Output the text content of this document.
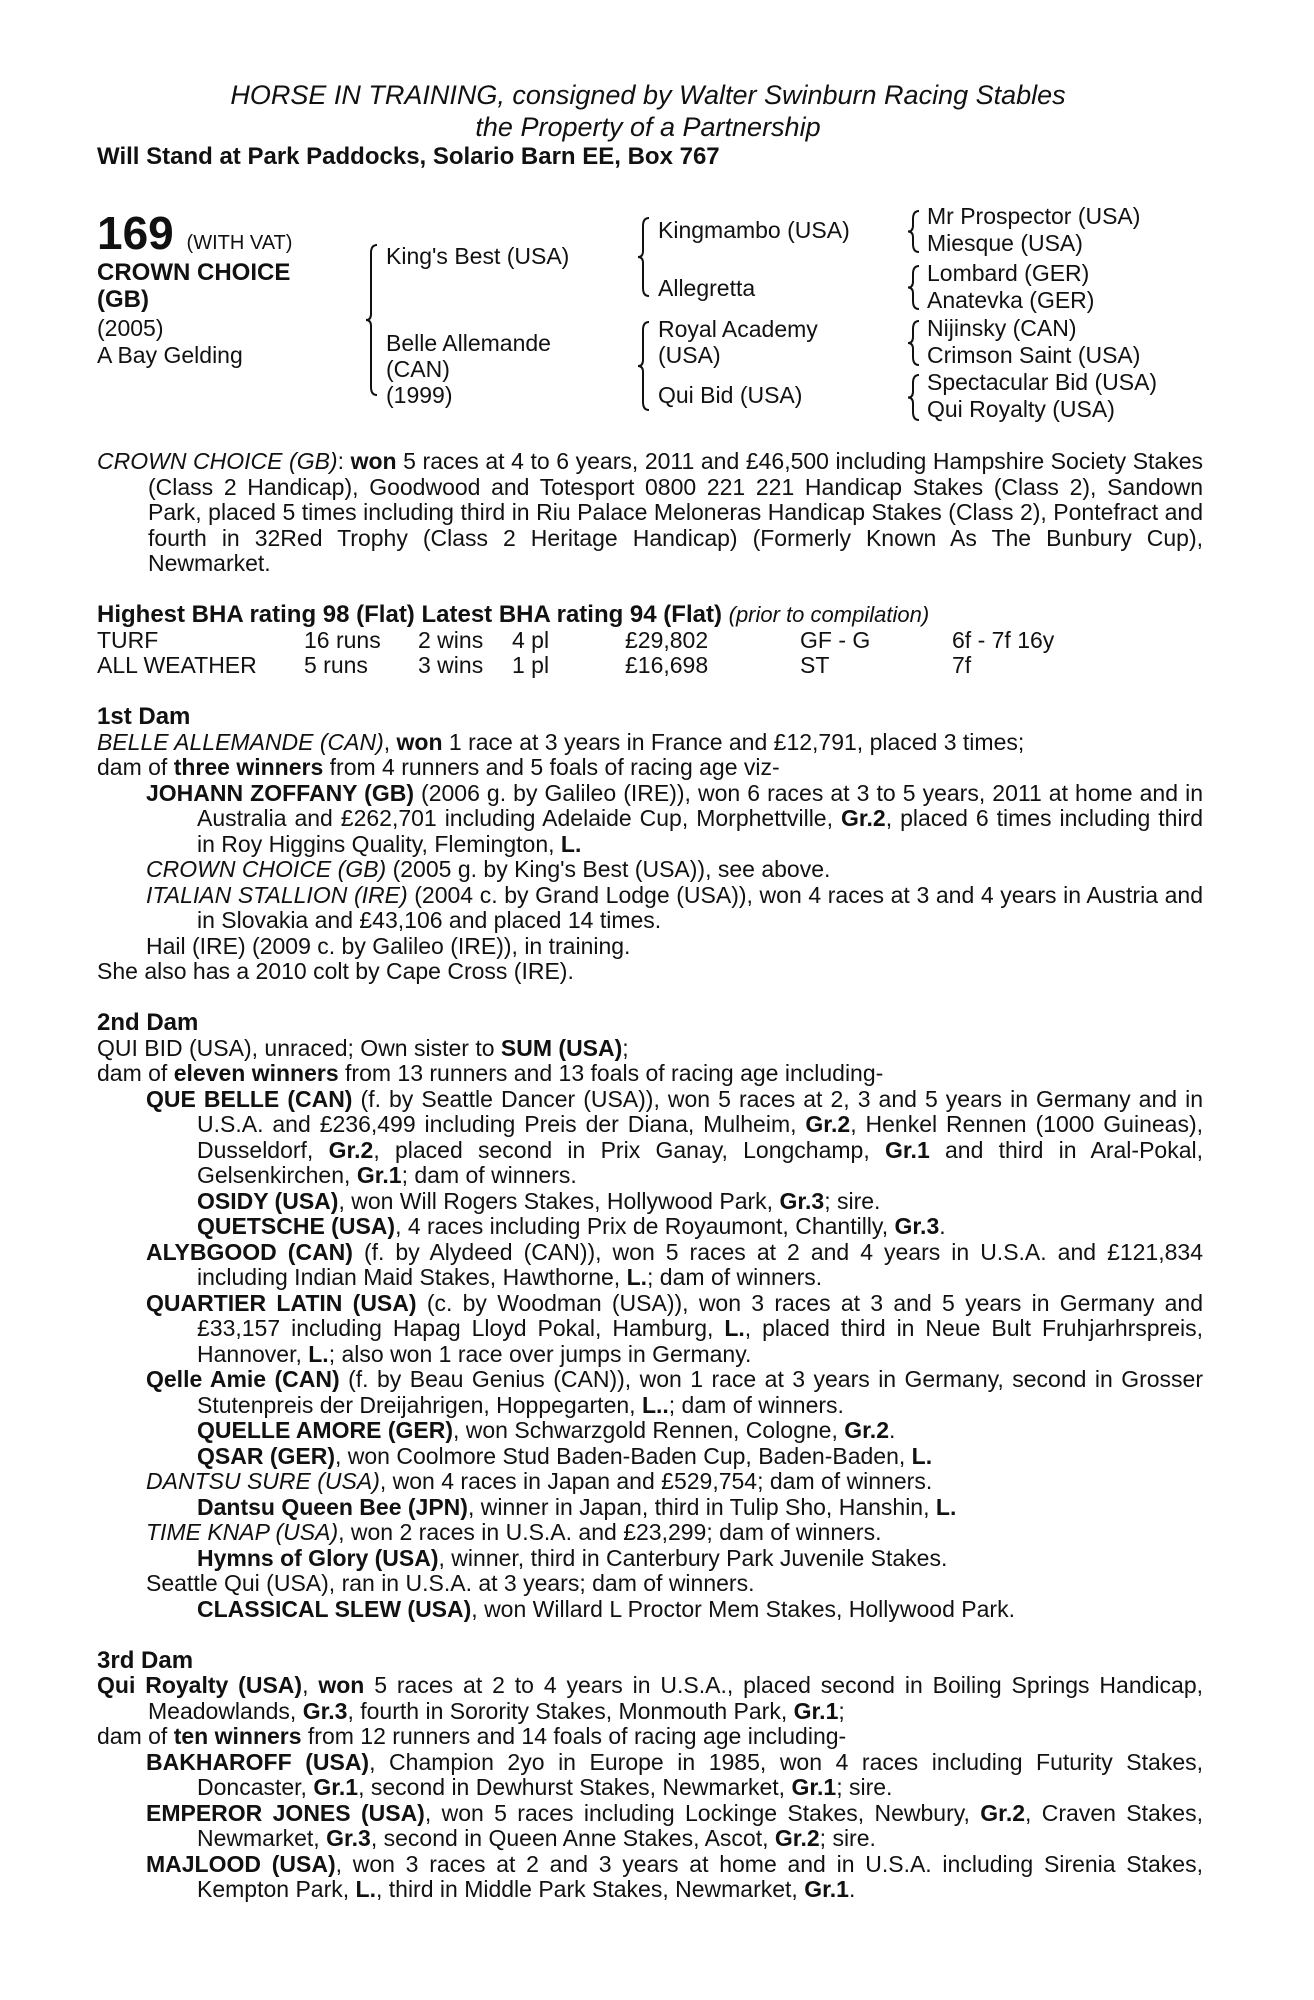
HORSE IN TRAINING, consigned by Walter Swinburn Racing Stables
the Property of a Partnership
Will Stand at Park Paddocks, Solario Barn EE, Box 767
169 (WITH VAT)
CROWN CHOICE
(GB)
(2005)
A Bay Gelding
King's Best (USA)
Belle Allemande
(CAN)
(1999)
Kingmambo (USA)
Allegretta
Royal Academy
(USA)
Qui Bid (USA)
Mr Prospector (USA)
Miesque (USA)
Lombard (GER)
Anatevka (GER)
Nijinsky (CAN)
Crimson Saint (USA)
Spectacular Bid (USA)
Qui Royalty (USA)
CROWN CHOICE (GB): won 5 races at 4 to 6 years, 2011 and £46,500 including Hampshire Society Stakes (Class 2 Handicap), Goodwood and Totesport 0800 221 221 Handicap Stakes (Class 2), Sandown Park, placed 5 times including third in Riu Palace Meloneras Handicap Stakes (Class 2), Pontefract and fourth in 32Red Trophy (Class 2 Heritage Handicap) (Formerly Known As The Bunbury Cup), Newmarket.
Highest BHA rating 98 (Flat) Latest BHA rating 94 (Flat) (prior to compilation)
TURF	16 runs	2 wins	4 pl	£29,802	GF - G	6f - 7f 16y
ALL WEATHER	5 runs	3 wins	1 pl	£16,698	ST	7f
1st Dam
BELLE ALLEMANDE (CAN), won 1 race at 3 years in France and £12,791, placed 3 times;
dam of three winners from 4 runners and 5 foals of racing age viz-
JOHANN ZOFFANY (GB) (2006 g. by Galileo (IRE)), won 6 races at 3 to 5 years, 2011 at home and in Australia and £262,701 including Adelaide Cup, Morphettville, Gr.2, placed 6 times including third in Roy Higgins Quality, Flemington, L.
CROWN CHOICE (GB) (2005 g. by King's Best (USA)), see above.
ITALIAN STALLION (IRE) (2004 c. by Grand Lodge (USA)), won 4 races at 3 and 4 years in Austria and in Slovakia and £43,106 and placed 14 times.
Hail (IRE) (2009 c. by Galileo (IRE)), in training.
She also has a 2010 colt by Cape Cross (IRE).
2nd Dam
QUI BID (USA), unraced; Own sister to SUM (USA);
dam of eleven winners from 13 runners and 13 foals of racing age including-
QUE BELLE (CAN) (f. by Seattle Dancer (USA)), won 5 races at 2, 3 and 5 years in Germany and in U.S.A. and £236,499 including Preis der Diana, Mulheim, Gr.2, Henkel Rennen (1000 Guineas), Dusseldorf, Gr.2, placed second in Prix Ganay, Longchamp, Gr.1 and third in Aral-Pokal, Gelsenkirchen, Gr.1; dam of winners.
OSIDY (USA), won Will Rogers Stakes, Hollywood Park, Gr.3; sire.
QUETSCHE (USA), 4 races including Prix de Royaumont, Chantilly, Gr.3.
ALYBGOOD (CAN) (f. by Alydeed (CAN)), won 5 races at 2 and 4 years in U.S.A. and £121,834 including Indian Maid Stakes, Hawthorne, L.; dam of winners.
QUARTIER LATIN (USA) (c. by Woodman (USA)), won 3 races at 3 and 5 years in Germany and £33,157 including Hapag Lloyd Pokal, Hamburg, L., placed third in Neue Bult Fruhjarhrspreis, Hannover, L.; also won 1 race over jumps in Germany.
Qelle Amie (CAN) (f. by Beau Genius (CAN)), won 1 race at 3 years in Germany, second in Grosser Stutenpreis der Dreijahrigen, Hoppegarten, L..; dam of winners.
QUELLE AMORE (GER), won Schwarzgold Rennen, Cologne, Gr.2.
QSAR (GER), won Coolmore Stud Baden-Baden Cup, Baden-Baden, L.
DANTSU SURE (USA), won 4 races in Japan and £529,754; dam of winners.
Dantsu Queen Bee (JPN), winner in Japan, third in Tulip Sho, Hanshin, L.
TIME KNAP (USA), won 2 races in U.S.A. and £23,299; dam of winners.
Hymns of Glory (USA), winner, third in Canterbury Park Juvenile Stakes.
Seattle Qui (USA), ran in U.S.A. at 3 years; dam of winners.
CLASSICAL SLEW (USA), won Willard L Proctor Mem Stakes, Hollywood Park.
3rd Dam
Qui Royalty (USA), won 5 races at 2 to 4 years in U.S.A., placed second in Boiling Springs Handicap, Meadowlands, Gr.3, fourth in Sorority Stakes, Monmouth Park, Gr.1;
dam of ten winners from 12 runners and 14 foals of racing age including-
BAKHAROFF (USA), Champion 2yo in Europe in 1985, won 4 races including Futurity Stakes, Doncaster, Gr.1, second in Dewhurst Stakes, Newmarket, Gr.1; sire.
EMPEROR JONES (USA), won 5 races including Lockinge Stakes, Newbury, Gr.2, Craven Stakes, Newmarket, Gr.3, second in Queen Anne Stakes, Ascot, Gr.2; sire.
MAJLOOD (USA), won 3 races at 2 and 3 years at home and in U.S.A. including Sirenia Stakes, Kempton Park, L., third in Middle Park Stakes, Newmarket, Gr.1.
